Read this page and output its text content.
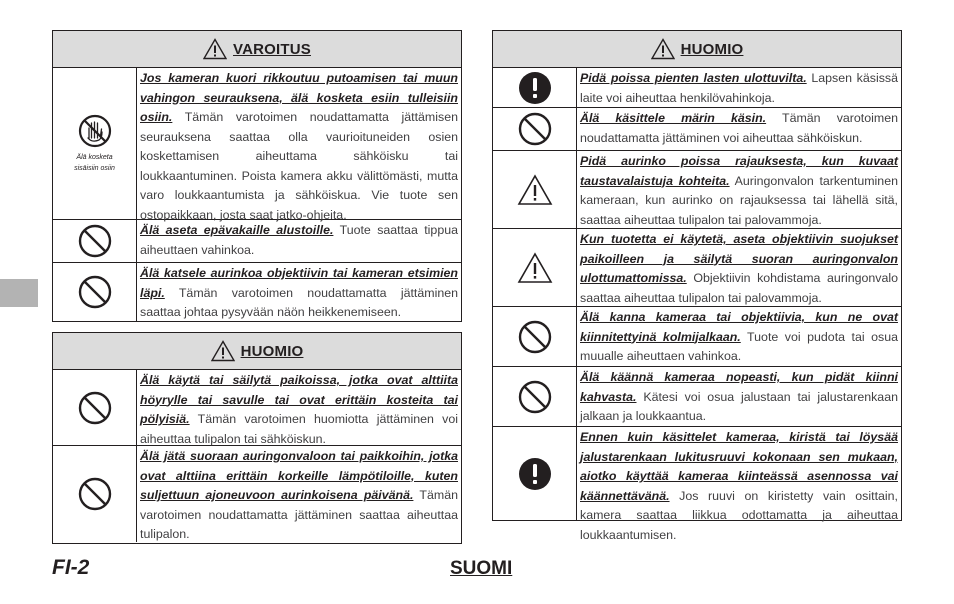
VAROITUS
Älä kosketa sisäisiin osiin
Jos kameran kuori rikkoutuu putoamisen tai muun vahingon seurauksena, älä kosketa esiin tulleisiin osiin. Tämän varotoimen noudattamatta jättämisen seurauksena saattaa olla vaurioituneiden osien koskettamisen aiheuttama sähköisku tai loukkaantuminen. Poista kamera akku välittömästi, mutta varo loukkaantumista ja sähköiskua. Vie tuote sen ostopaikkaan, josta saat jatko-ohjeita.
Älä aseta epävakaille alustoille. Tuote saattaa tippua aiheuttaen vahinkoa.
Älä katsele aurinkoa objektiivin tai kameran etsimien läpi. Tämän varotoimen noudattamatta jättäminen saattaa johtaa pysyvään näön heikkenemiseen.
HUOMIO
Älä käytä tai säilytä paikoissa, jotka ovat alttiita höyrylle tai savulle tai ovat erittäin kosteita tai pölyisiä. Tämän varotoimen huomiotta jättäminen voi aiheuttaa tulipalon tai sähköiskun.
Älä jätä suoraan auringonvaloon tai paikkoihin, jotka ovat alttiina erittäin korkeille lämpötiloille, kuten suljettuun ajoneuvoon aurinkoisena päivänä. Tämän varotoimen noudattamatta jättäminen saattaa aiheuttaa tulipalon.
HUOMIO
Pidä poissa pienten lasten ulottuvilta. Lapsen käsissä laite voi aiheuttaa henkilövahinkoja.
Älä käsittele märin käsin. Tämän varotoimen noudattamatta jättäminen voi aiheuttaa sähköiskun.
Pidä aurinko poissa rajauksesta, kun kuvaat taustavalaistuja kohteita. Auringonvalon tarkentuminen kameraan, kun aurinko on rajauksessa tai lähellä sitä, saattaa aiheuttaa tulipalon tai palovammoja.
Kun tuotetta ei käytetä, aseta objektiivin suojukset paikoilleen ja säilytä suoran auringonvalon ulottumattomissa. Objektiivin kohdistama auringonvalo saattaa aiheuttaa tulipalon tai palovammoja.
Älä kanna kameraa tai objektiivia, kun ne ovat kiinnitettyinä kolmijalkaan. Tuote voi pudota tai osua muualle aiheuttaen vahinkoa.
Älä käännä kameraa nopeasti, kun pidät kiinni kahvasta. Kätesi voi osua jalustaan tai jalustarenkaan jalkaan ja loukkaantua.
Ennen kuin käsittelet kameraa, kiristä tai löysää jalustarenkaan lukitusruuvi kokonaan sen mukaan, aiotko käyttää kameraa kiinteässä asennossa vai käännettävänä. Jos ruuvi on kiristetty vain osittain, kamera saattaa liikkua odottamatta ja aiheuttaa loukkaantumisen.
FI-2	SUOMI
